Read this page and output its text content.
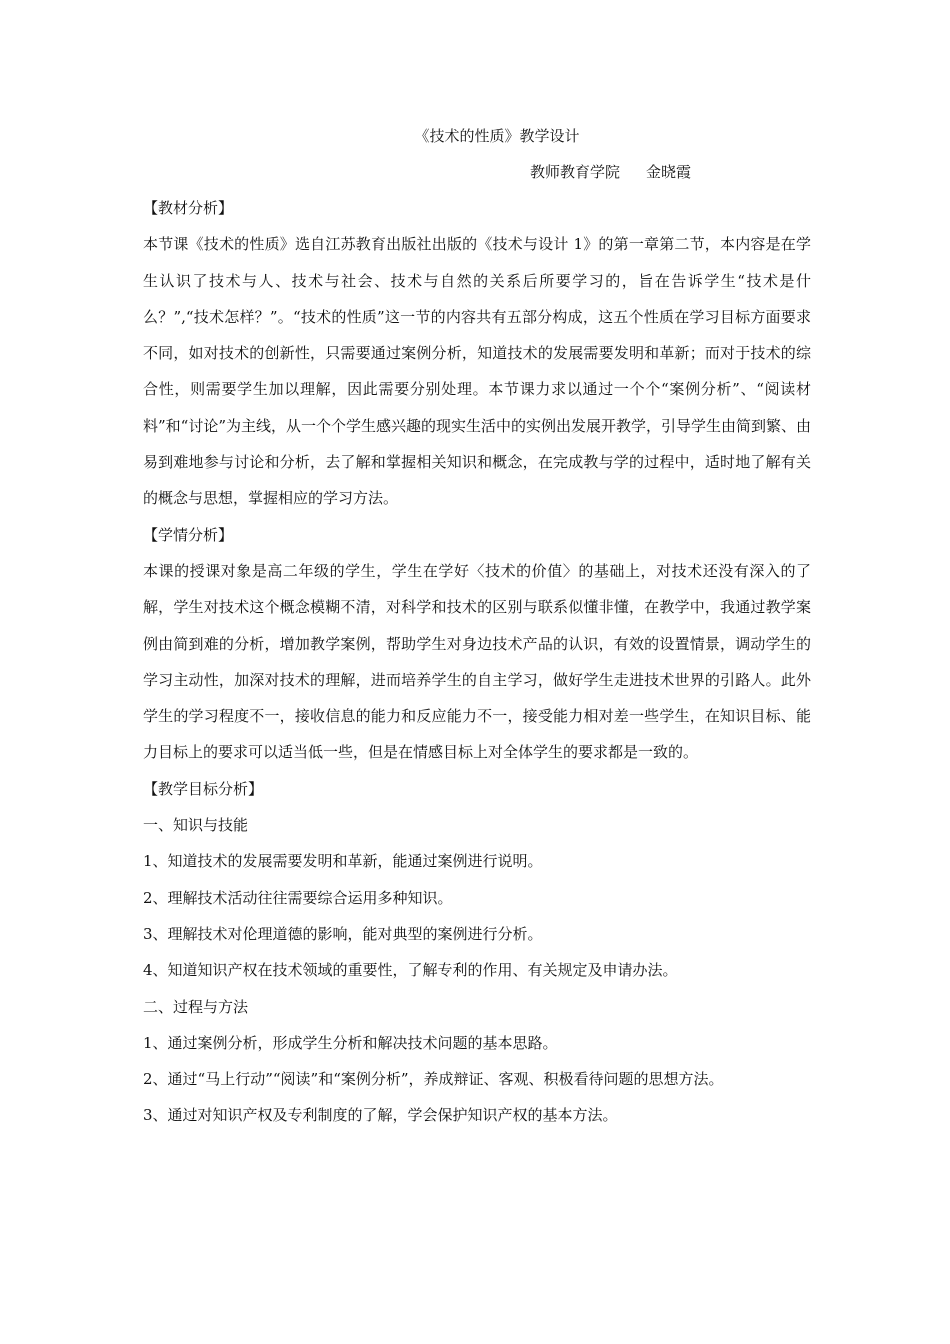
《技术的性质》教学设计
教师教育学院 金晓霞
【教材分析】

本节课《技术的性质》选自江苏教育出版社出版的《技术与设计 1》的第一章第二节，本内容是在学生认识了技术与人、技术与社会、技术与自然的关系后所要学习的，旨在告诉学生“技术是什么？”,“技术怎样？”。“技术的性质”这一节的内容共有五部分构成，这五个性质在学习目标方面要求不同，如对技术的创新性，只需要通过案例分析，知道技术的发展需要发明和革新；而对于技术的综合性，则需要学生加以理解，因此需要分别处理。本节课力求以通过一个个“案例分析”、“阅读材料”和“讨论”为主线，从一个个学生感兴趣的现实生活中的实例出发展开教学，引导学生由简到繁、由易到难地参与讨论和分析，去了解和掌握相关知识和概念，在完成教与学的过程中，适时地了解有关的概念与思想，掌握相应的学习方法。

【学情分析】

本课的授课对象是高二年级的学生，学生在学好〈技术的价值〉的基础上，对技术还没有深入的了解，学生对技术这个概念模糊不清，对科学和技术的区别与联系似懂非懂，在教学中，我通过教学案例由简到难的分析，增加教学案例，帮助学生对身边技术产品的认识，有效的设置情景，调动学生的学习主动性，加深对技术的理解，进而培养学生的自主学习，做好学生走进技术世界的引路人。此外学生的学习程度不一，接收信息的能力和反应能力不一，接受能力相对差一些学生，在知识目标、能力目标上的要求可以适当低一些，但是在情感目标上对全体学生的要求都是一致的。

【教学目标分析】
一、知识与技能
1、知道技术的发展需要发明和革新，能通过案例进行说明。
2、理解技术活动往往需要综合运用多种知识。
3、理解技术对伦理道德的影响，能对典型的案例进行分析。
4、知道知识产权在技术领域的重要性，了解专利的作用、有关规定及申请办法。
二、过程与方法
1、通过案例分析，形成学生分析和解决技术问题的基本思路。
2、通过“马上行动”“阅读”和“案例分析”，养成辩证、客观、积极看待问题的思想方法。
3、通过对知识产权及专利制度的了解，学会保护知识产权的基本方法。
